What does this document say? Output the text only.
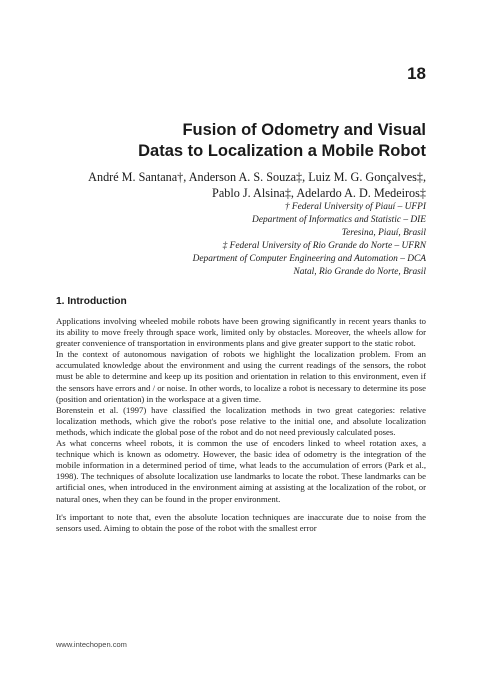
18
Fusion of Odometry and Visual
Datas to Localization a Mobile Robot
André M. Santana†, Anderson A. S. Souza‡, Luiz M. G. Gonçalves‡,
Pablo J. Alsina‡, Adelardo A. D. Medeiros‡
† Federal University of Piauí – UFPI
Department of Informatics and Statistic – DIE
Teresina, Piauí, Brasil
‡ Federal University of Rio Grande do Norte – UFRN
Department of Computer Engineering and Automation – DCA
Natal, Rio Grande do Norte, Brasil
1. Introduction

Applications involving wheeled mobile robots have been growing significantly in recent years thanks to its ability to move freely through space work, limited only by obstacles. Moreover, the wheels allow for greater convenience of transportation in environments plans and give greater support to the static robot.

In the context of autonomous navigation of robots we highlight the localization problem. From an accumulated knowledge about the environment and using the current readings of the sensors, the robot must be able to determine and keep up its position and orientation in relation to this environment, even if the sensors have errors and / or noise. In other words, to localize a robot is necessary to determine its pose (position and orientation) in the workspace at a given time.

Borenstein et al. (1997) have classified the localization methods in two great categories: relative localization methods, which give the robot's pose relative to the initial one, and absolute localization methods, which indicate the global pose of the robot and do not need previously calculated poses.

As what concerns wheel robots, it is common the use of encoders linked to wheel rotation axes, a technique which is known as odometry. However, the basic idea of odometry is the integration of the mobile information in a determined period of time, what leads to the accumulation of errors (Park et al., 1998). The techniques of absolute localization use landmarks to locate the robot. These landmarks can be artificial ones, when introduced in the environment aiming at assisting at the localization of the robot, or natural ones, when they can be found in the proper environment.

It's important to note that, even the absolute location techniques are inaccurate due to noise from the sensors used. Aiming to obtain the pose of the robot with the smallest error

www.intechopen.com
